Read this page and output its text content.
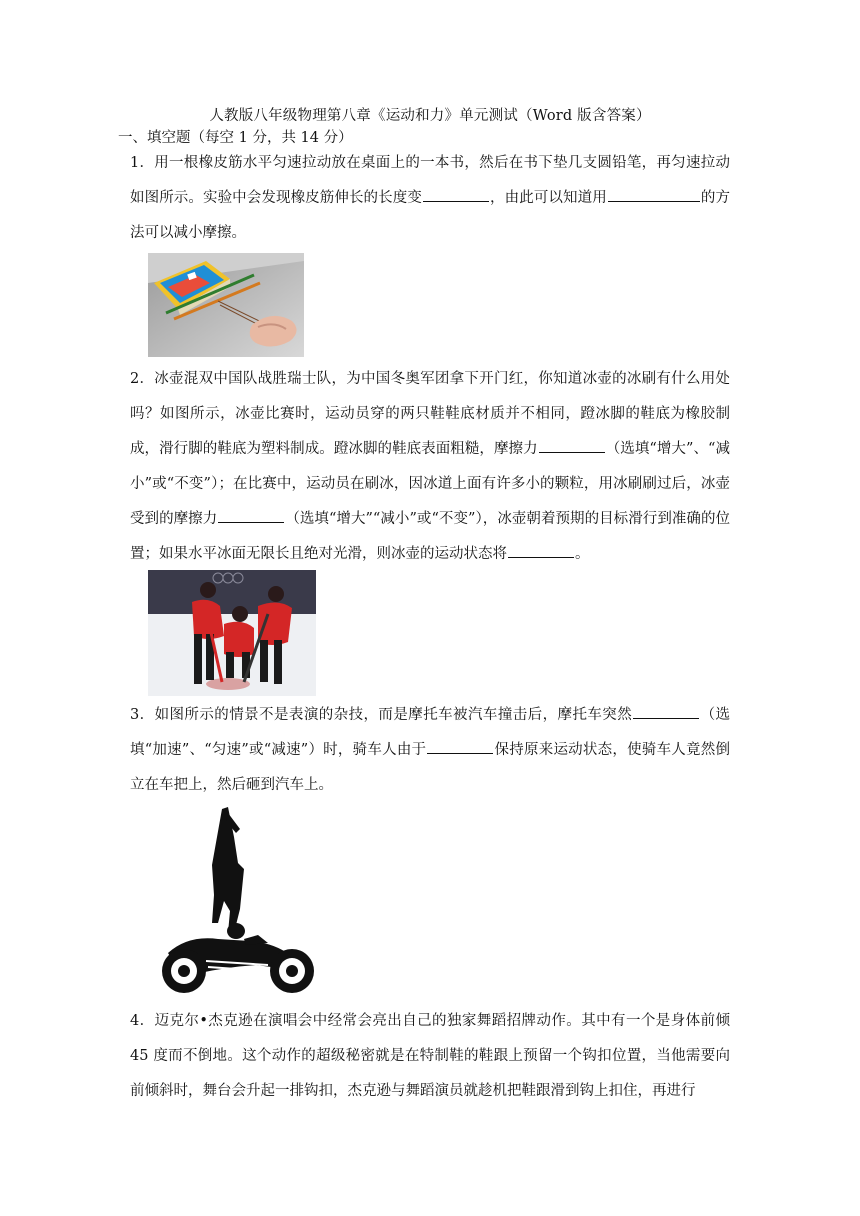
人教版八年级物理第八章《运动和力》单元测试（Word 版含答案）
一、填空题（每空 1 分，共 14 分）
1．用一根橡皮筋水平匀速拉动放在桌面上的一本书，然后在书下垫几支圆铅笔，再匀速拉动如图所示。实验中会发现橡皮筋伸长的长度变	，由此可以知道用	的方法可以减小摩擦。
2．冰壶混双中国队战胜瑞士队，为中国冬奥军团拿下开门红，你知道冰壶的冰刷有什么用处吗？如图所示，冰壶比赛时，运动员穿的两只鞋鞋底材质并不相同，蹬冰脚的鞋底为橡胶制成，滑行脚的鞋底为塑料制成。蹬冰脚的鞋底表面粗糙，摩擦力	（选填“增大”、“减小”或“不变”）；在比赛中，运动员在刷冰，因冰道上面有许多小的颗粒，用冰刷刷过后，冰壶受到的摩擦力	（选填“增大”“减小”或“不变”），冰壶朝着预期的目标滑行到准确的位置；如果水平冰面无限长且绝对光滑，则冰壶的运动状态将	。
3．如图所示的情景不是表演的杂技，而是摩托车被汽车撞击后，摩托车突然	（选填“加速”、“匀速”或“减速”）时，骑车人由于	保持原来运动状态，使骑车人竟然倒立在车把上，然后砸到汽车上。
4．迈克尔•杰克逊在演唱会中经常会亮出自己的独家舞蹈招牌动作。其中有一个是身体前倾45 度而不倒地。这个动作的超级秘密就是在特制鞋的鞋跟上预留一个钩扣位置，当他需要向前倾斜时，舞台会升起一排钩扣，杰克逊与舞蹈演员就趁机把鞋跟滑到钩上扣住，再进行
